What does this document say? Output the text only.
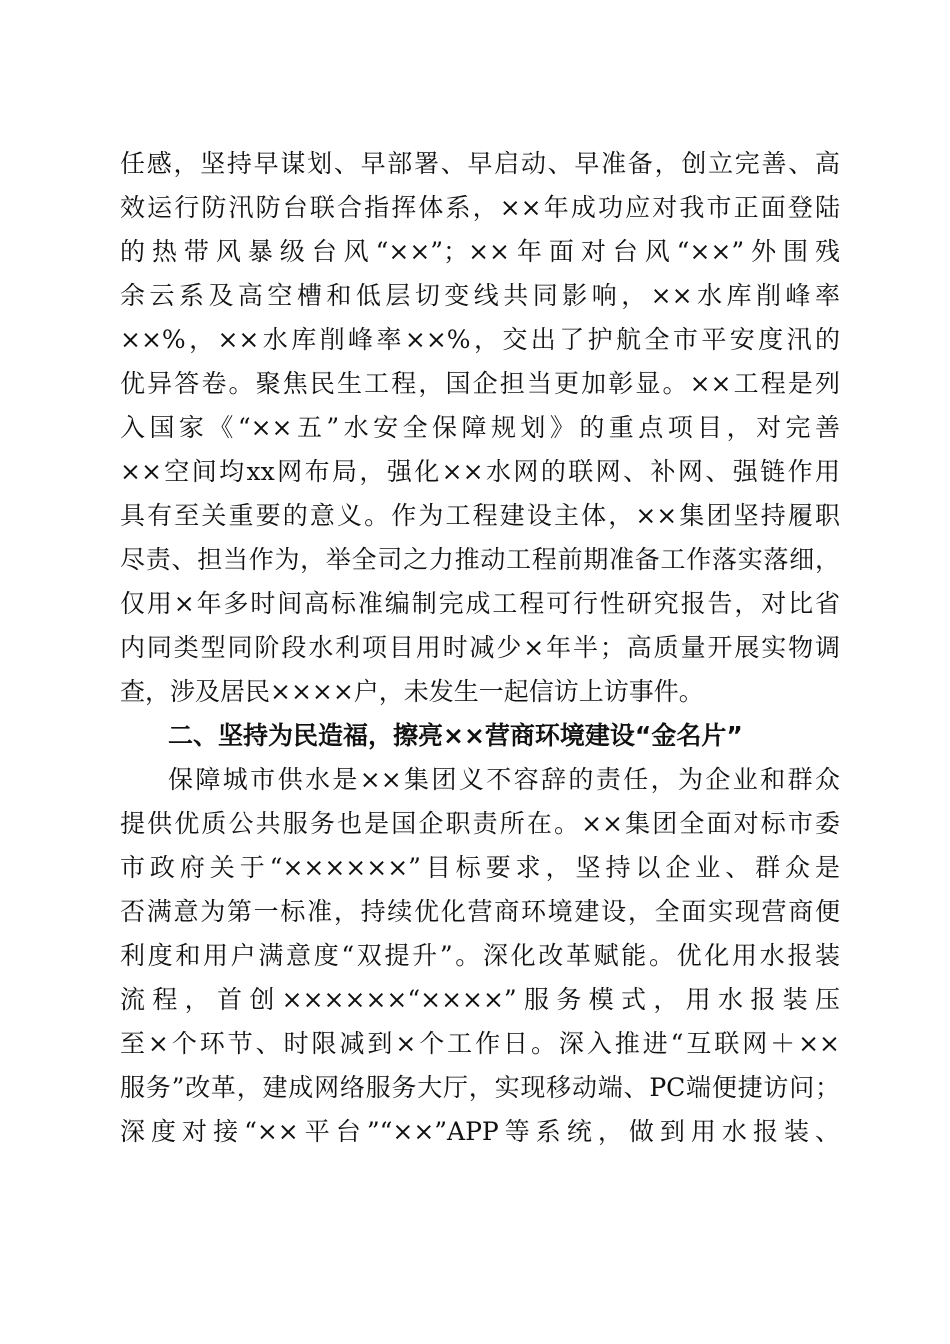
任感，坚持早谋划、早部署、早启动、早准备，创立完善、高
效运行防汛防台联合指挥体系，××年成功应对我市正面登陆
的热带风暴级台风“××”；××年面对台风“××”外围残
余云系及高空槽和低层切变线共同影响，××水库削峰率
××%，××水库削峰率××%，交出了护航全市平安度汛的
优异答卷。聚焦民生工程，国企担当更加彰显。××工程是列
入国家《“××五”水安全保障规划》的重点项目，对完善
××空间均xx网布局，强化××水网的联网、补网、强链作用
具有至关重要的意义。作为工程建设主体，××集团坚持履职
尽责、担当作为，举全司之力推动工程前期准备工作落实落细，
仅用×年多时间高标准编制完成工程可行性研究报告，对比省
内同类型同阶段水利项目用时减少×年半；高质量开展实物调
查，涉及居民××××户，未发生一起信访上访事件。
二、坚持为民造福，擦亮××营商环境建设“金名片”
保障城市供水是××集团义不容辞的责任，为企业和群众
提供优质公共服务也是国企职责所在。××集团全面对标市委
市政府关于“××××××”目标要求，坚持以企业、群众是
否满意为第一标准，持续优化营商环境建设，全面实现营商便
利度和用户满意度“双提升”。深化改革赋能。优化用水报装
流程，首创××××××“××××”服务模式，用水报装压
至×个环节、时限减到×个工作日。深入推进“互联网＋××
服务”改革，建成网络服务大厅，实现移动端、PC端便捷访问；
深度对接“××平台”“××”APP等系统，做到用水报装、
